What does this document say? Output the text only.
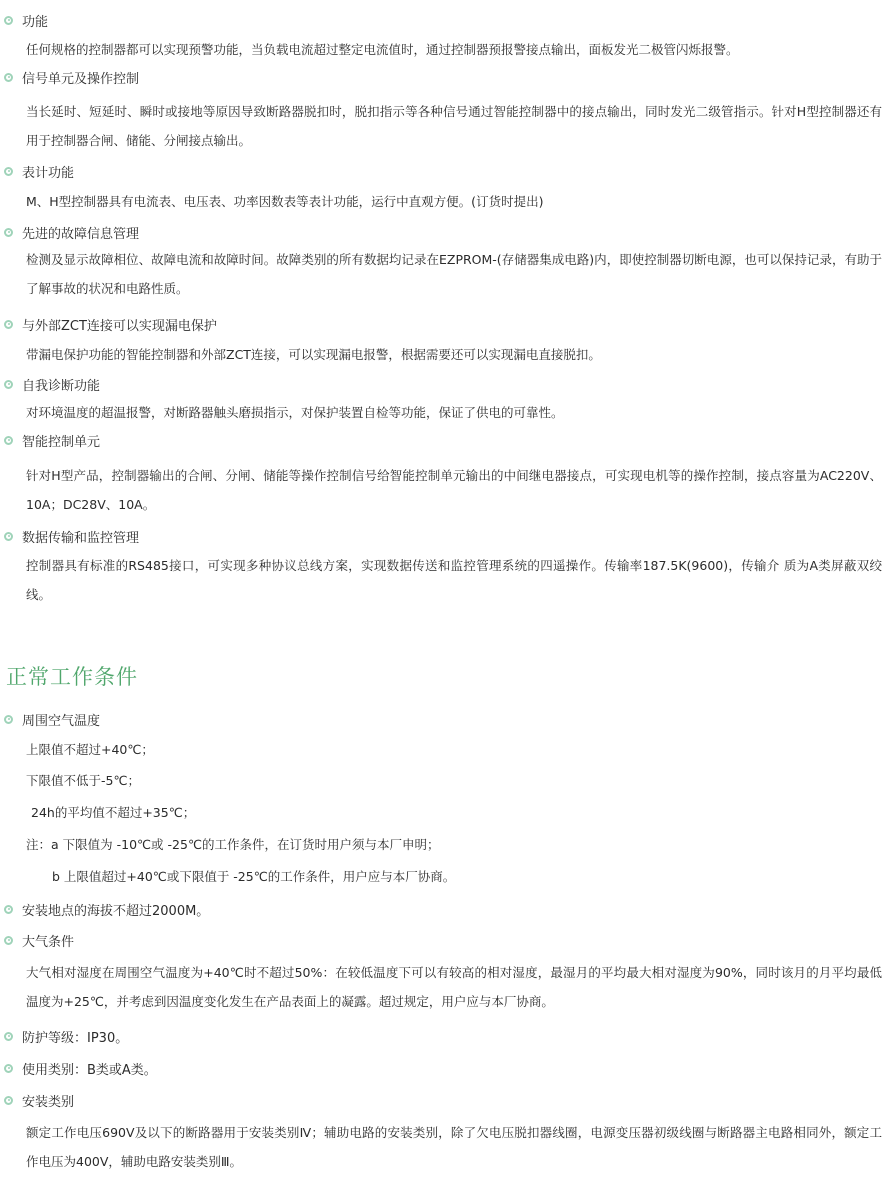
功能
任何规格的控制器都可以实现预警功能，当负载电流超过整定电流值时，通过控制器预报警接点输出，面板发光二极管闪烁报警。
信号单元及操作控制
当长延时、短延时、瞬时或接地等原因导致断路器脱扣时，脱扣指示等各种信号通过智能控制器中的接点输出，同时发光二级管指示。针对H型控制器还有用于控制器合闸、储能、分闸接点输出。
表计功能
M、H型控制器具有电流表、电压表、功率因数表等表计功能，运行中直观方便。(订货时提出)
先进的故障信息管理
检测及显示故障相位、故障电流和故障时间。故障类别的所有数据均记录在EZPROM-(存储器集成电路)内，即使控制器切断电源，也可以保持记录，有助于了解事故的状况和电路性质。
与外部ZCT连接可以实现漏电保护
带漏电保护功能的智能控制器和外部ZCT连接，可以实现漏电报警，根据需要还可以实现漏电直接脱扣。
自我诊断功能
对环境温度的超温报警，对断路器触头磨损指示，对保护装置自检等功能，保证了供电的可靠性。
智能控制单元
针对H型产品，控制器输出的合闸、分闸、储能等操作控制信号给智能控制单元输出的中间继电器接点，可实现电机等的操作控制，接点容量为AC220V、10A；DC28V、10A。
数据传输和监控管理
控制器具有标准的RS485接口，可实现多种协议总线方案，实现数据传送和监控管理系统的四遥操作。传输率187.5K(9600)，传输介 质为A类屏蔽双绞线。
正常工作条件
周围空气温度
上限值不超过+40℃；
下限值不低于-5℃；
24h的平均值不超过+35℃；
注：a 下限值为 -10℃或 -25℃的工作条件，在订货时用户须与本厂申明；
b 上限值超过+40℃或下限值于 -25℃的工作条件，用户应与本厂协商。
安装地点的海拔不超过2000M。
大气条件
大气相对湿度在周围空气温度为+40℃时不超过50%：在较低温度下可以有较高的相对湿度，最湿月的平均最大相对湿度为90%，同时该月的月平均最低温度为+25℃，并考虑到因温度变化发生在产品表面上的凝露。超过规定，用户应与本厂协商。
防护等级：IP30。
使用类别：B类或A类。
安装类别
额定工作电压690V及以下的断路器用于安装类别Ⅳ；辅助电路的安装类别，除了欠电压脱扣器线圈，电源变压器初级线圈与断路器主电路相同外，额定工作电压为400V，辅助电路安装类别Ⅲ。
